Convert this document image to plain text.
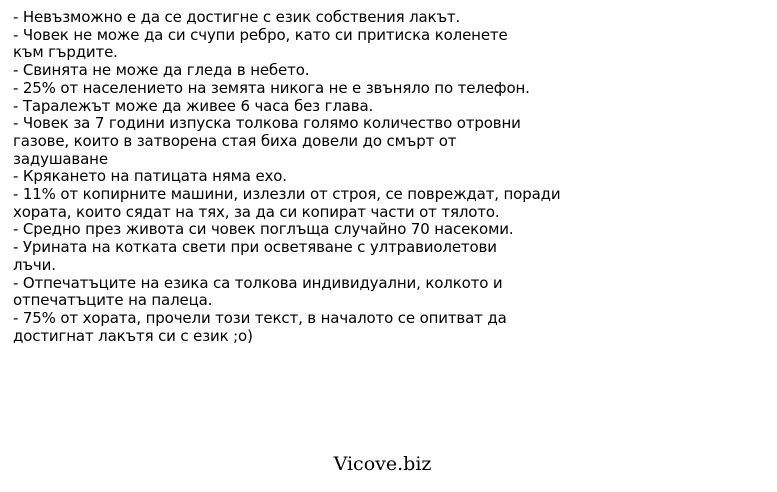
- Невъзможно е да се достигне с език собствения лакът.
- Човек не може да си счупи ребро, като си притиска коленете
към гърдите.
- Свинята не може да гледа в небето.
- 25% от населението на земята никога не е звъняло по телефон.
- Таралежът може да живее 6 часа без глава.
- Човек за 7 години изпуска толкова голямо количество отровни
газове, които в затворена стая биха довели до смърт от
задушаване
- Крякането на патицата няма ехо.
- 11% от копирните машини, излезли от строя, се повреждат, поради
хората, които сядат на тях, за да си копират части от тялото.
- Средно през живота си човек поглъща случайно 70 насекоми.
- Урината на котката свети при осветяване с ултравиолетови
лъчи.
- Отпечатъците на езика са толкова индивидуални, колкото и
отпечатъците на палеца.
- 75% от хората, прочели този текст, в началото се опитват да
достигнат лакътя си с език ;o)
Vicove.biz
